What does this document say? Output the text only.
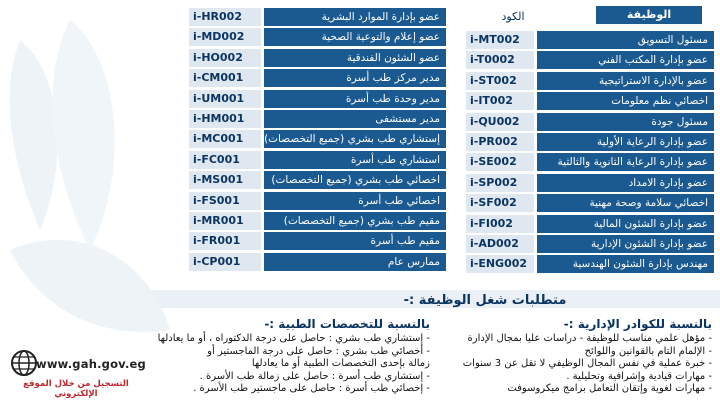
الوظيفة
الكود
i-HR002	عضو بإدارة الموارد البشرية
i-MD002	عضو إعلام والتوعية الصحية
i-HO002	عضو الشئون الفندقية
i-CM001	مدير مركز طب أسرة
i-UM001	مدير وحدة طب أسرة
i-HM001	مدير مستشفى
i-MC001	إستشاري طب بشري (جميع التخصصات)
i-FC001	استشاري طب أسرة
i-MS001	اخصائي طب بشري (جميع التخصصات)
i-FS001	اخصائي طب أسرة
i-MR001	مقيم طب بشري (جميع التخصصات)
i-FR001	مقيم طب أسرة
i-CP001	ممارس عام
i-MT002	مسئول التسويق
i-T0002	عضو بإدارة المكتب الفني
i-ST002	عضو بالإدارة الاستراتيجية
i-IT002	اخصائي نظم معلومات
i-QU002	مسئول جودة
i-PR002	عضو بإدارة الرعاية الأولية
i-SE002	عضو بإدارة الرعاية الثانوية والثالثية
i-SP002	عضو بإدارة الامداد
i-SF002	اخصائي سلامة وصحة مهنية
i-FI002	عضو بإدارة الشئون المالية
i-AD002	عضو بإدارة الشئون الإدارية
i-ENG002	مهندس بإدارة الشئون الهندسية
متطلبات شغل الوظيفة :-
بالنسبة للكوادر الإدارية :-
- مؤهل علمي مناسب للوظيفة - دراسات عليا بمجال الإدارة
- الإلمام التام بالقوانين واللوائح
- خبرة عملية في نفس المجال الوظيفي لا تقل عن 3 سنوات
- مهارات قيادية وإشرافية وتحليلية .
- مهارات لغوية وإتقان التعامل برامج ميكروسوفت
بالنسبة للتخصصات الطبية :-
- إستشاري طب بشري : حاصل على درجة الدكتوراه ، أو ما يعادلها
- أخصائي طب بشري : حاصل على درجة الماجستير أو
زمالة بإحدى التخصصات الطبية أو ما يعادلها
- إستشاري طب أسرة : حاصل على زمالة طب الأسرة .
- إخصائي طب أسرة : حاصل على ماجستير طب الأسرة .
www.gah.gov.eg
التسجيل من خلال الموقع الإلكتروني
